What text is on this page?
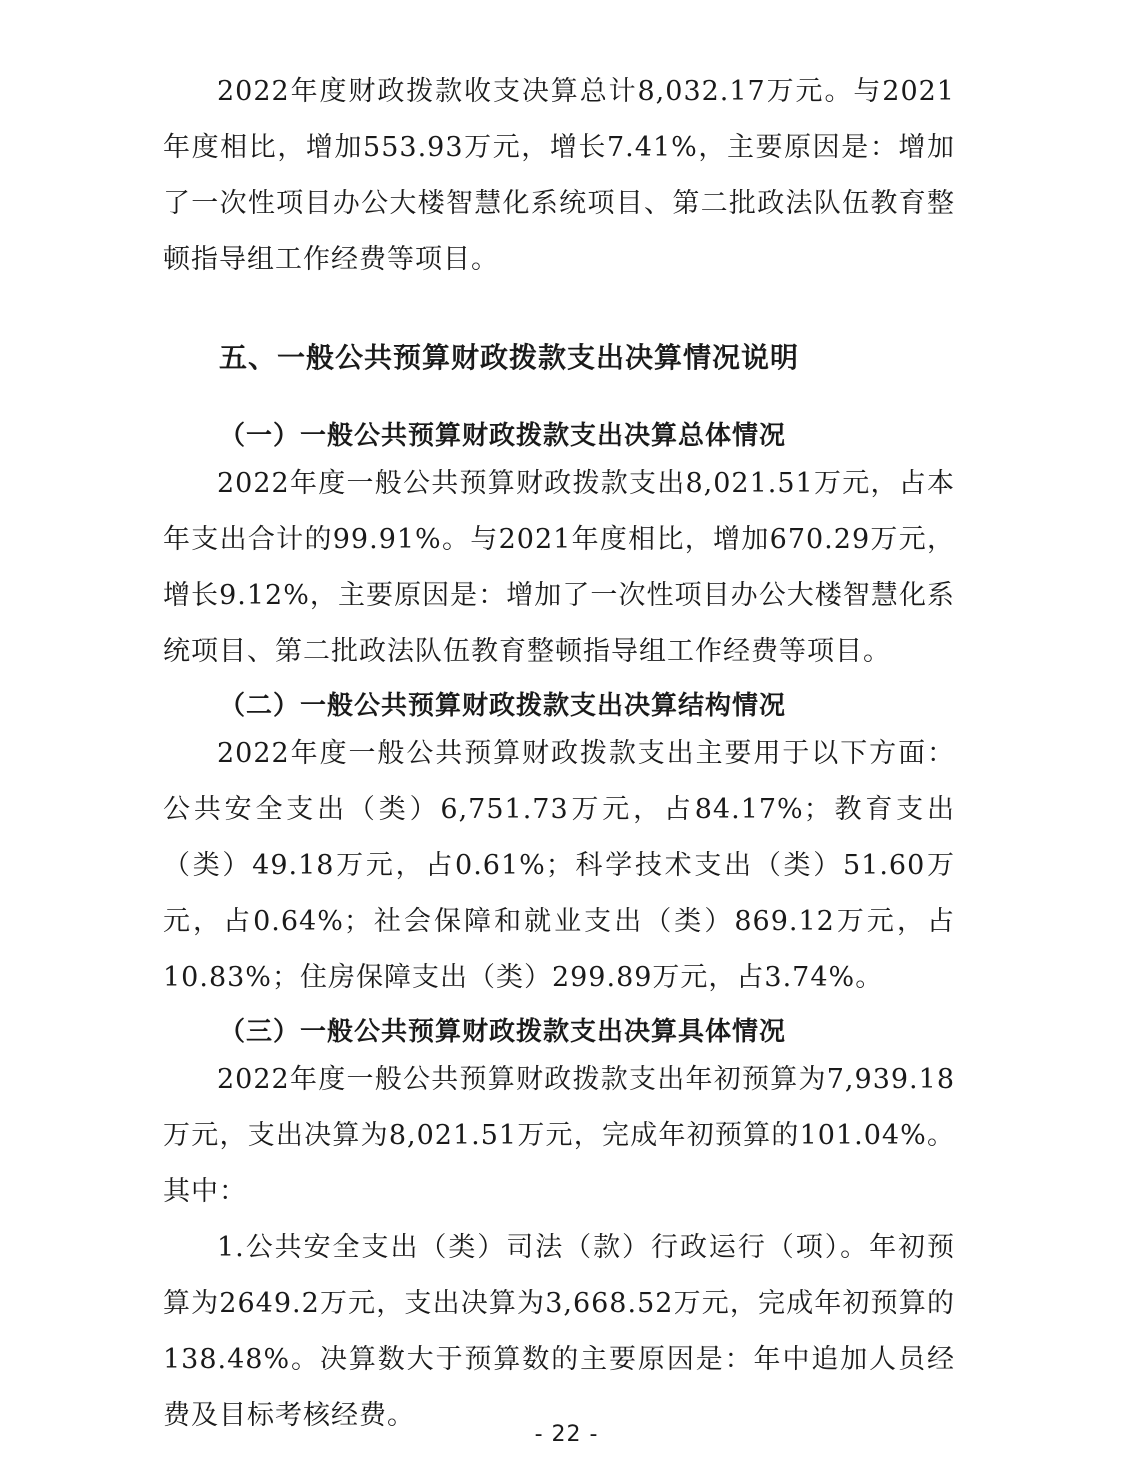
2022年度财政拨款收支决算总计8,032.17万元。与2021年度相比，增加553.93万元，增长7.41%，主要原因是：增加了一次性项目办公大楼智慧化系统项目、第二批政法队伍教育整顿指导组工作经费等项目。

五、一般公共预算财政拨款支出决算情况说明
（一）一般公共预算财政拨款支出决算总体情况

2022年度一般公共预算财政拨款支出8,021.51万元，占本年支出合计的99.91%。与2021年度相比，增加670.29万元，增长9.12%，主要原因是：增加了一次性项目办公大楼智慧化系统项目、第二批政法队伍教育整顿指导组工作经费等项目。

（二）一般公共预算财政拨款支出决算结构情况

2022年度一般公共预算财政拨款支出主要用于以下方面：公共安全支出（类）6,751.73万元，占84.17%；教育支出（类）49.18万元，占0.61%；科学技术支出（类）51.60万元，占0.64%；社会保障和就业支出（类）869.12万元，占10.83%；住房保障支出（类）299.89万元，占3.74%。

（三）一般公共预算财政拨款支出决算具体情况

2022年度一般公共预算财政拨款支出年初预算为7,939.18万元，支出决算为8,021.51万元，完成年初预算的101.04%。其中：

1.公共安全支出（类）司法（款）行政运行（项）。年初预算为2649.2万元，支出决算为3,668.52万元，完成年初预算的138.48%。决算数大于预算数的主要原因是：年中追加人员经费及目标考核经费。

- 22 -
